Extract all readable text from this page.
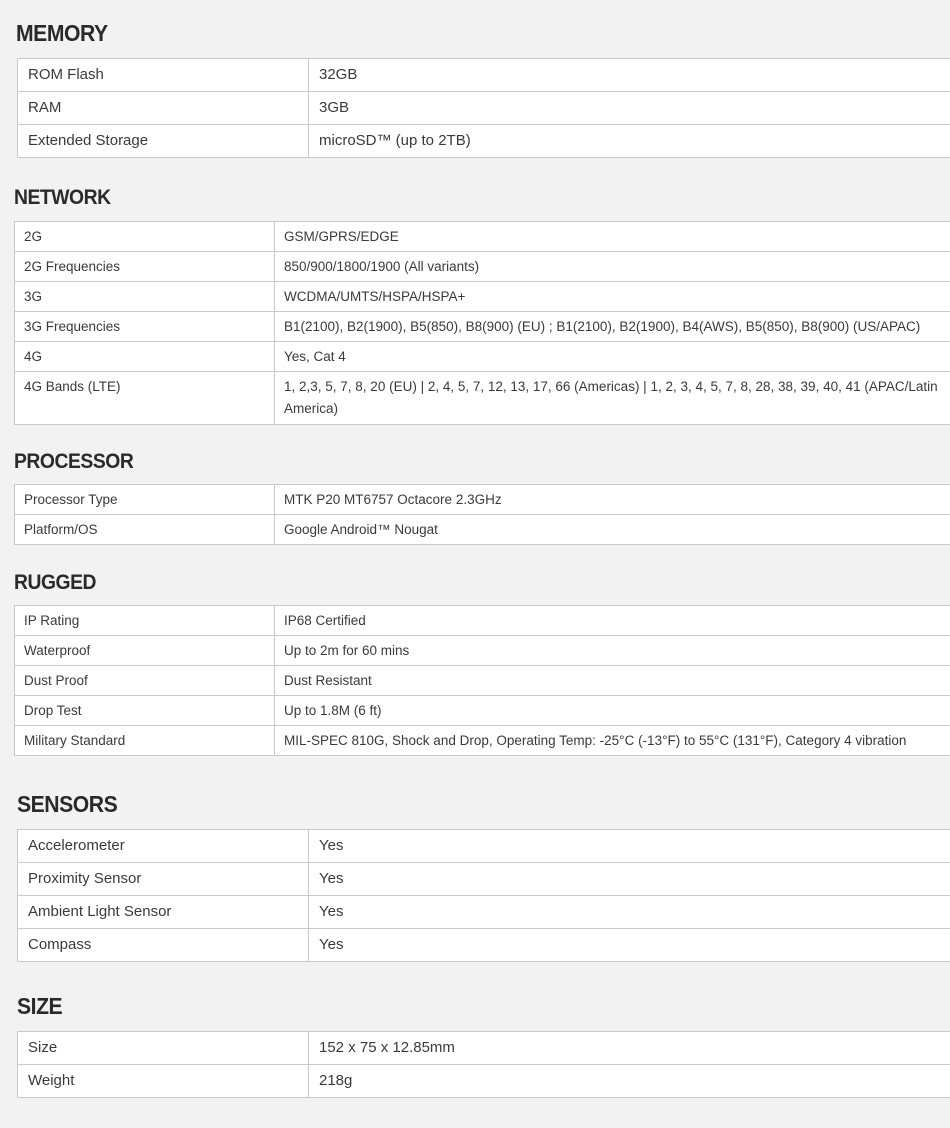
MEMORY
ROM Flash	32GB
RAM	3GB
Extended Storage	microSD™ (up to 2TB)
NETWORK
2G	GSM/GPRS/EDGE
2G Frequencies	850/900/1800/1900 (All variants)
3G	WCDMA/UMTS/HSPA/HSPA+
3G Frequencies	B1(2100), B2(1900), B5(850), B8(900) (EU) ; B1(2100), B2(1900), B4(AWS), B5(850), B8(900) (US/APAC)
4G	Yes, Cat 4
4G Bands (LTE)	1, 2,3, 5, 7, 8, 20 (EU) | 2, 4, 5, 7, 12, 13, 17, 66 (Americas) | 1, 2, 3, 4, 5, 7, 8, 28, 38, 39, 40, 41 (APAC/Latin America)
PROCESSOR
Processor Type	MTK P20 MT6757 Octacore 2.3GHz
Platform/OS	Google Android™ Nougat
RUGGED
IP Rating	IP68 Certified
Waterproof	Up to 2m for 60 mins
Dust Proof	Dust Resistant
Drop Test	Up to 1.8M (6 ft)
Military Standard	MIL-SPEC 810G, Shock and Drop, Operating Temp: -25°C (-13°F) to 55°C (131°F), Category 4 vibration
SENSORS
Accelerometer	Yes
Proximity Sensor	Yes
Ambient Light Sensor	Yes
Compass	Yes
SIZE
Size	152 x 75 x 12.85mm
Weight	218g
